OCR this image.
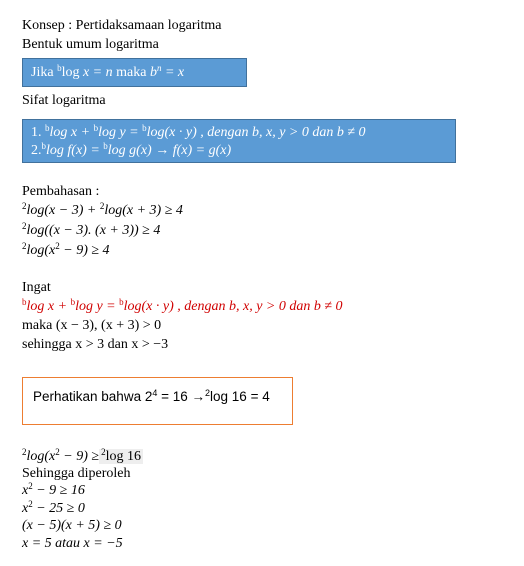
Konsep : Pertidaksamaan logaritma
Bentuk umum logaritma
Jika $^b$log x = n maka $b^n = x$
Sifat logaritma
1. $^b$log x + $^b$log y = $^b$log(x · y) , dengan b, x, y > 0 dan b ≠ 0
2.$^b$log f(x) = $^b$log g(x) → f(x) = g(x)
Pembahasan :
$^2$log(x − 3) + $^2$log(x + 3) ≥ 4
$^2$log((x − 3). (x + 3)) ≥ 4
$^2\log(x^2 - 9) \ge 4$
Ingat
$^b$log x + $^b$log y = $^b$log(x · y) , dengan b, x, y > 0 dan b ≠ 0
maka (x − 3), (x + 3) > 0
sehingga x > 3 dan x > −3
Perhatikan bahwa $2^4 = 16 \to^2\log$ 16 = 4
$^2\log(x^2 - 9) \ge ^2\log$ 16
Sehingga diperoleh
$x^2 - 9 \ge 16$
$x^2 - 25 \ge 0$
(x − 5)(x + 5) ≥ 0
x = 5 atau x = −5
